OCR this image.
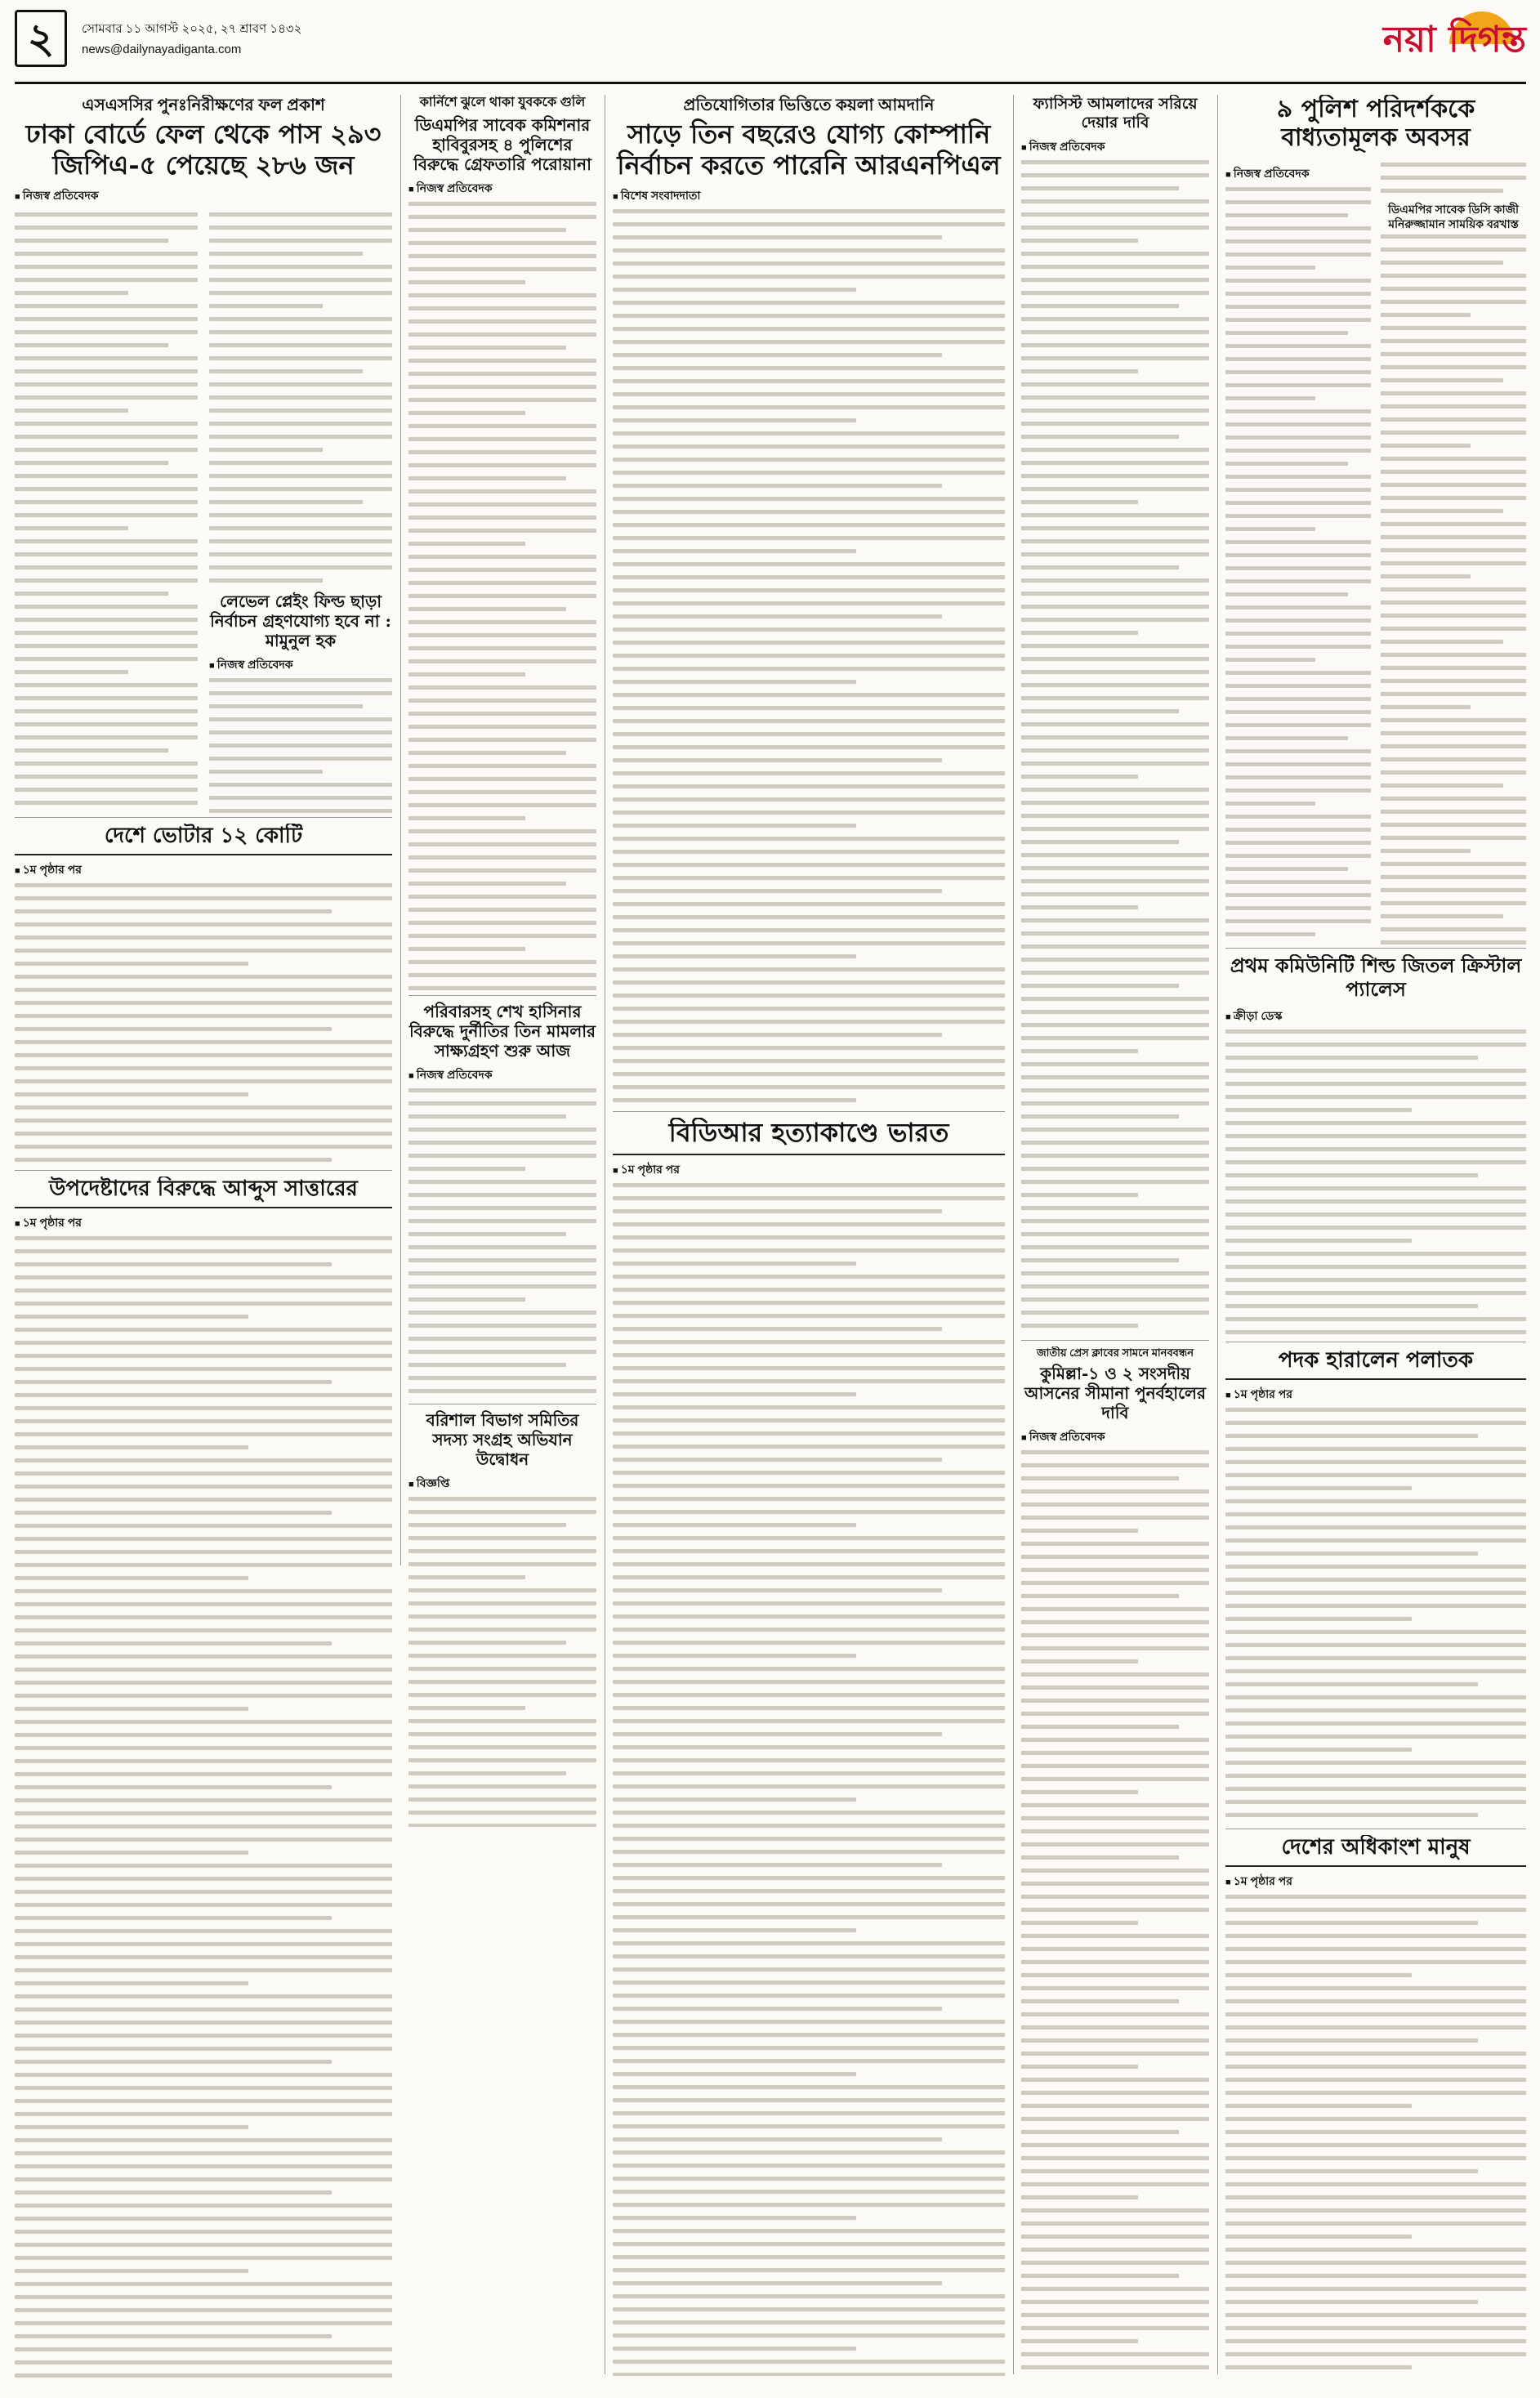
২	সোমবার ১১ আগস্ট ২০২৫, ২৭ শ্রাবণ ১৪৩২
news@dailynayadiganta.com	নয়া দিগন্ত
এসএসসির পুনঃনিরীক্ষণের ফল প্রকাশ
ঢাকা বোর্ডে ফেল থেকে পাস ২৯৩ জিপিএ-৫ পেয়েছে ২৮৬ জন
■ নিজস্ব প্রতিবেদক
লেভেল প্লেইং ফিল্ড ছাড়া নির্বাচন গ্রহণযোগ্য হবে না : মামুনুল হক
■ নিজস্ব প্রতিবেদক
কার্নিশে ঝুলে থাকা যুবককে গুলি
ডিএমপির সাবেক কমিশনার হাবিবুরসহ ৪ পুলিশের বিরুদ্ধে গ্রেফতারি পরোয়ানা
■ নিজস্ব প্রতিবেদক
পরিবারসহ শেখ হাসিনার বিরুদ্ধে দুর্নীতির তিন মামলার সাক্ষ্যগ্রহণ শুরু আজ
■ নিজস্ব প্রতিবেদক
বরিশাল বিভাগ সমিতির সদস্য সংগ্রহ অভিযান উদ্বোধন
■ বিজ্ঞপ্তি
দেশে ভোটার ১২ কোটি
■ ১ম পৃষ্ঠার পর
উপদেষ্টাদের বিরুদ্ধে আব্দুস সাত্তারের
■ ১ম পৃষ্ঠার পর
প্রতিযোগিতার ভিত্তিতে কয়লা আমদানি
সাড়ে তিন বছরেও যোগ্য কোম্পানি নির্বাচন করতে পারেনি আরএনপিএল
■ বিশেষ সংবাদদাতা
বিডিআর হত্যাকাণ্ডে ভারত
■ ১ম পৃষ্ঠার পর
ফ্যাসিস্ট আমলাদের সরিয়ে দেয়ার দাবি
■ নিজস্ব প্রতিবেদক
জাতীয় প্রেস ক্লাবের সামনে মানববন্ধন
কুমিল্লা-১ ও ২ সংসদীয় আসনের সীমানা পুনর্বহালের দাবি
■ নিজস্ব প্রতিবেদক
৯ পুলিশ পরিদর্শককে বাধ্যতামূলক অবসর
■ নিজস্ব প্রতিবেদক
ডিএমপির সাবেক ডিসি কাজী মনিরুজ্জামান সাময়িক বরখাস্ত
প্রথম কমিউনিটি শিল্ড জিতল ক্রিস্টাল প্যালেস
■ ক্রীড়া ডেস্ক
পদক হারালেন পলাতক
■ ১ম পৃষ্ঠার পর
দেশের অধিকাংশ মানুষ
■ ১ম পৃষ্ঠার পর
